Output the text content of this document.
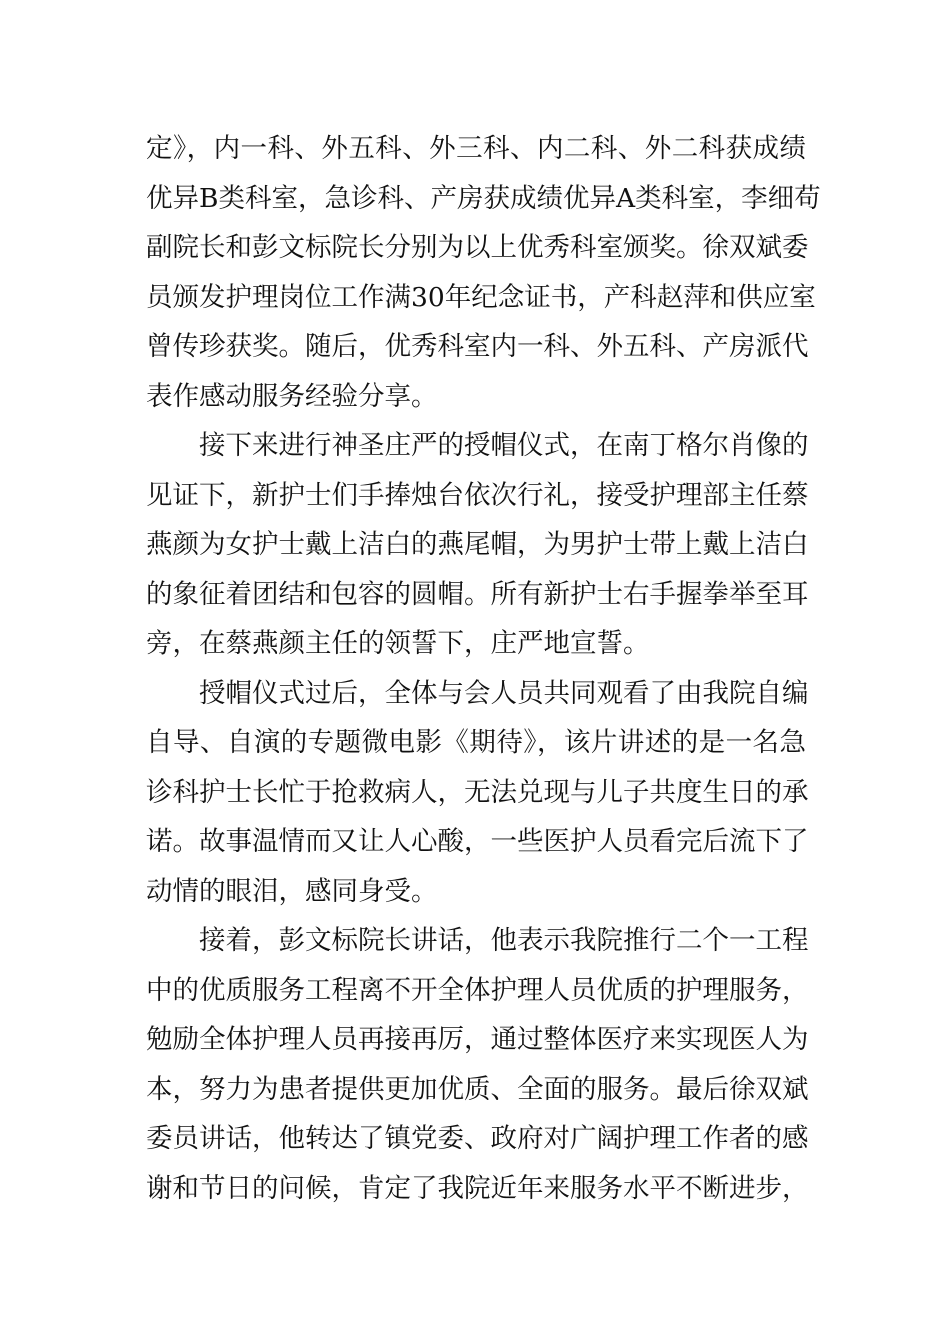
定》，内一科、外五科、外三科、内二科、外二科获成绩
优异B类科室，急诊科、产房获成绩优异A类科室，李细苟
副院长和彭文标院长分别为以上优秀科室颁奖。徐双斌委
员颁发护理岗位工作满30年纪念证书，产科赵萍和供应室
曾传珍获奖。随后，优秀科室内一科、外五科、产房派代
表作感动服务经验分享。
接下来进行神圣庄严的授帽仪式，在南丁格尔肖像的
见证下，新护士们手捧烛台依次行礼，接受护理部主任蔡
燕颜为女护士戴上洁白的燕尾帽，为男护士带上戴上洁白
的象征着团结和包容的圆帽。所有新护士右手握拳举至耳
旁，在蔡燕颜主任的领誓下，庄严地宣誓。
授帽仪式过后，全体与会人员共同观看了由我院自编
自导、自演的专题微电影《期待》，该片讲述的是一名急
诊科护士长忙于抢救病人，无法兑现与儿子共度生日的承
诺。故事温情而又让人心酸，一些医护人员看完后流下了
动情的眼泪，感同身受。
接着，彭文标院长讲话，他表示我院推行二个一工程
中的优质服务工程离不开全体护理人员优质的护理服务，
勉励全体护理人员再接再厉，通过整体医疗来实现医人为
本，努力为患者提供更加优质、全面的服务。最后徐双斌
委员讲话，他转达了镇党委、政府对广阔护理工作者的感
谢和节日的问候，肯定了我院近年来服务水平不断进步，
